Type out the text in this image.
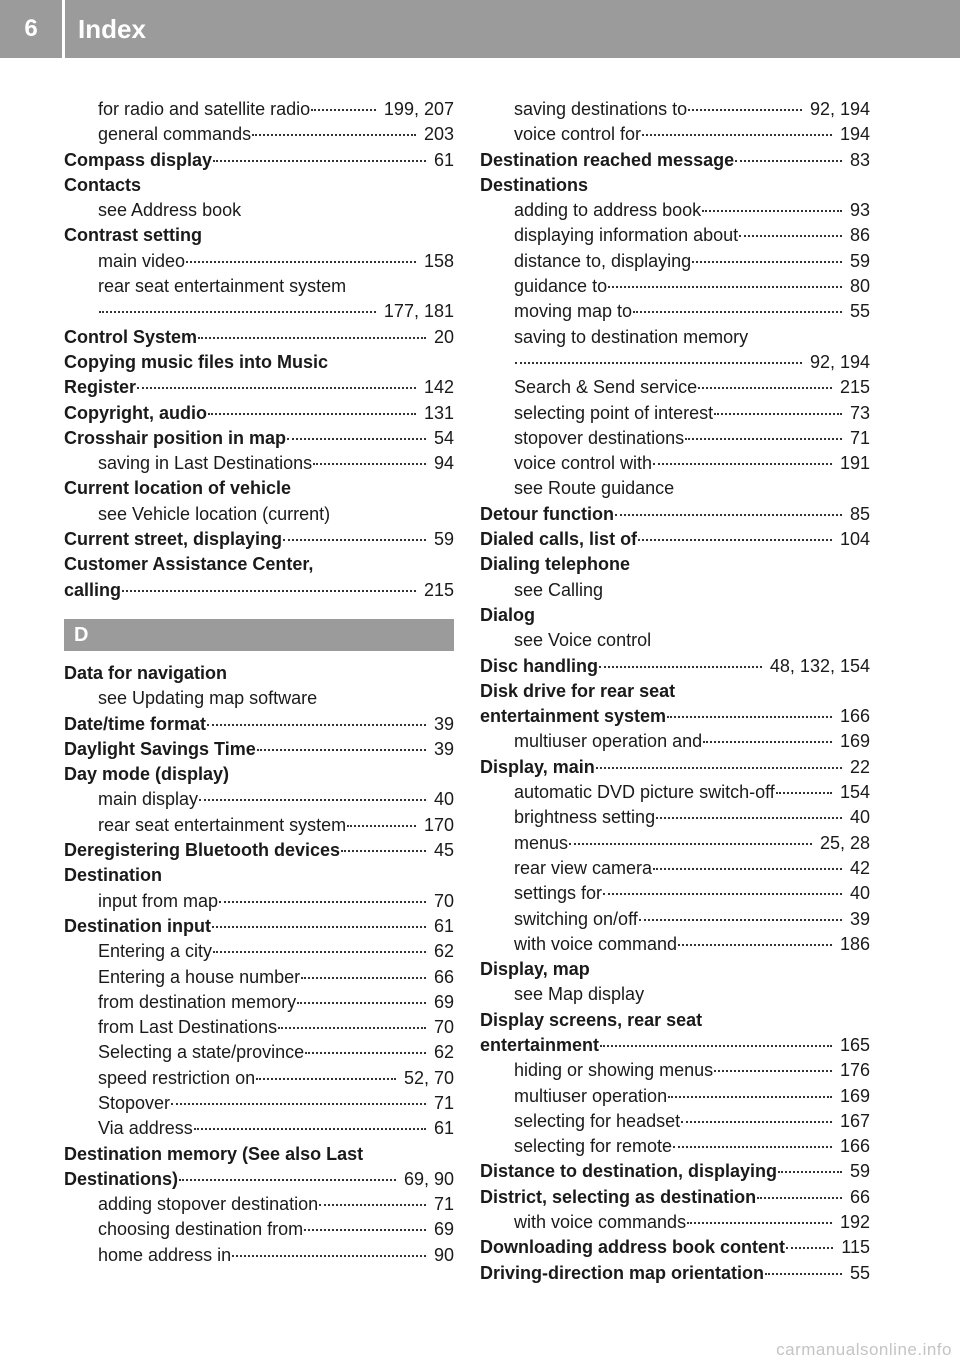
6	Index
for radio and satellite radio	199, 207
general commands	203
Compass display	61
Contacts
see Address book
Contrast setting
main video	158
rear seat entertainment system
177, 181
Control System	20
Copying music files into Music
Register	142
Copyright, audio	131
Crosshair position in map	54
saving in Last Destinations	94
Current location of vehicle
see Vehicle location (current)
Current street, displaying	59
Customer Assistance Center,
calling	215
D
Data for navigation
see Updating map software
Date/time format	39
Daylight Savings Time	39
Day mode (display)
main display	40
rear seat entertainment system	170
Deregistering Bluetooth devices	45
Destination
input from map	70
Destination input	61
Entering a city	62
Entering a house number	66
from destination memory	69
from Last Destinations	70
Selecting a state/province	62
speed restriction on	52, 70
Stopover	71
Via address	61
Destination memory (See also Last
Destinations)	69, 90
adding stopover destination	71
choosing destination from	69
home address in	90
saving destinations to	92, 194
voice control for	194
Destination reached message	83
Destinations
adding to address book	93
displaying information about	86
distance to, displaying	59
guidance to	80
moving map to	55
saving to destination memory
92, 194
Search & Send service	215
selecting point of interest	73
stopover destinations	71
voice control with	191
see Route guidance
Detour function	85
Dialed calls, list of	104
Dialing telephone
see Calling
Dialog
see Voice control
Disc handling	48, 132, 154
Disk drive for rear seat
entertainment system	166
multiuser operation and	169
Display, main	22
automatic DVD picture switch-off	154
brightness setting	40
menus	25, 28
rear view camera	42
settings for	40
switching on/off	39
with voice command	186
Display, map
see Map display
Display screens, rear seat
entertainment	165
hiding or showing menus	176
multiuser operation	169
selecting for headset	167
selecting for remote	166
Distance to destination, displaying	59
District, selecting as destination	66
with voice commands	192
Downloading address book content	115
Driving-direction map orientation	55
carmanualsonline.info
